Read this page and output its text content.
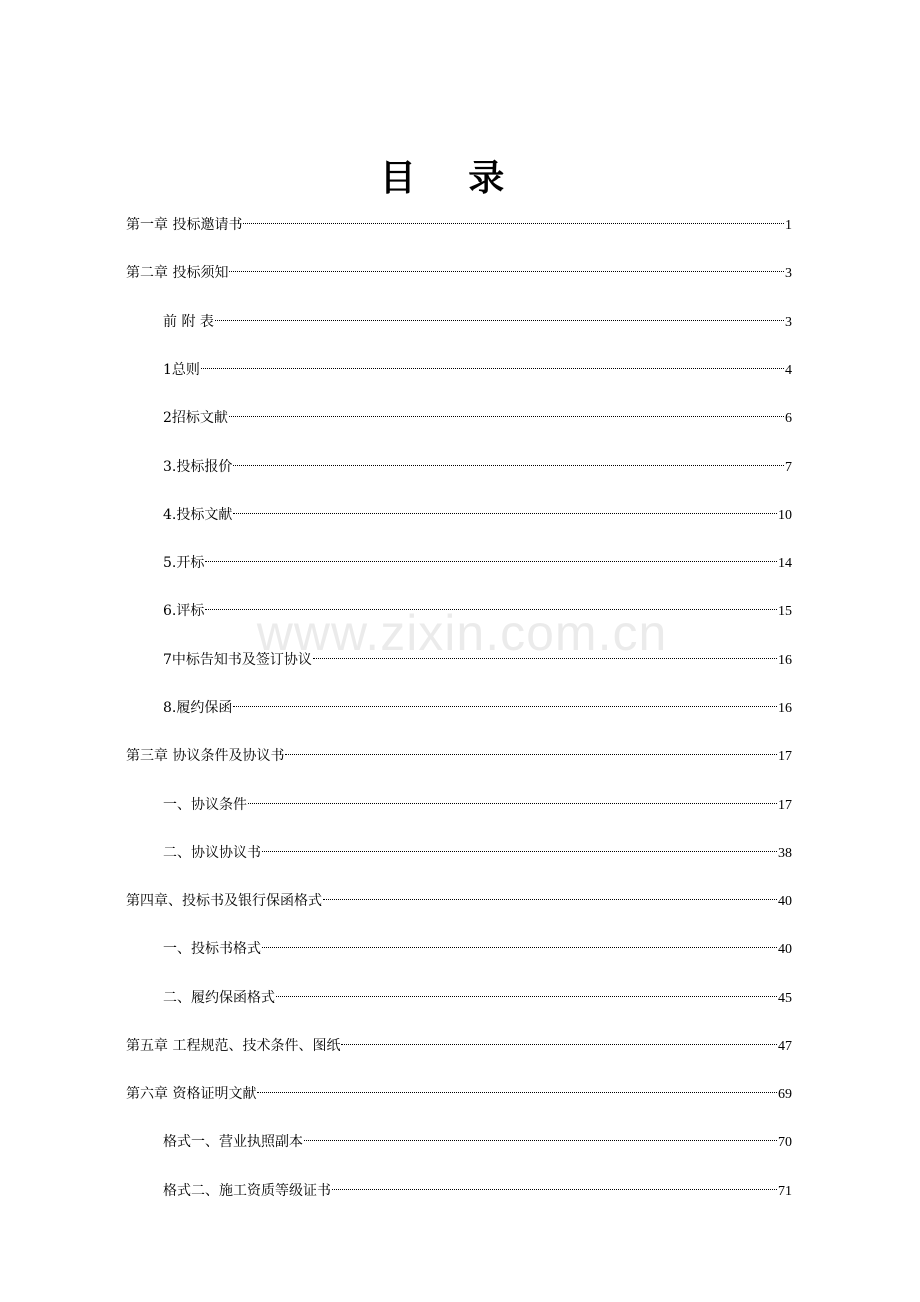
目 录
第一章 投标邀请书	1
第二章 投标须知	3
前 附 表	3
1总则	4
2招标文献	6
3.投标报价	7
4.投标文献	10
5.开标	14
6.评标	15
7中标告知书及签订协议	16
8.履约保函	16
第三章 协议条件及协议书	17
一、协议条件	17
二、协议协议书	38
第四章、投标书及银行保函格式	40
一、投标书格式	40
二、履约保函格式	45
第五章 工程规范、技术条件、图纸	47
第六章 资格证明文献	69
格式一、营业执照副本	70
格式二、施工资质等级证书	71
www.zixin.com.cn
